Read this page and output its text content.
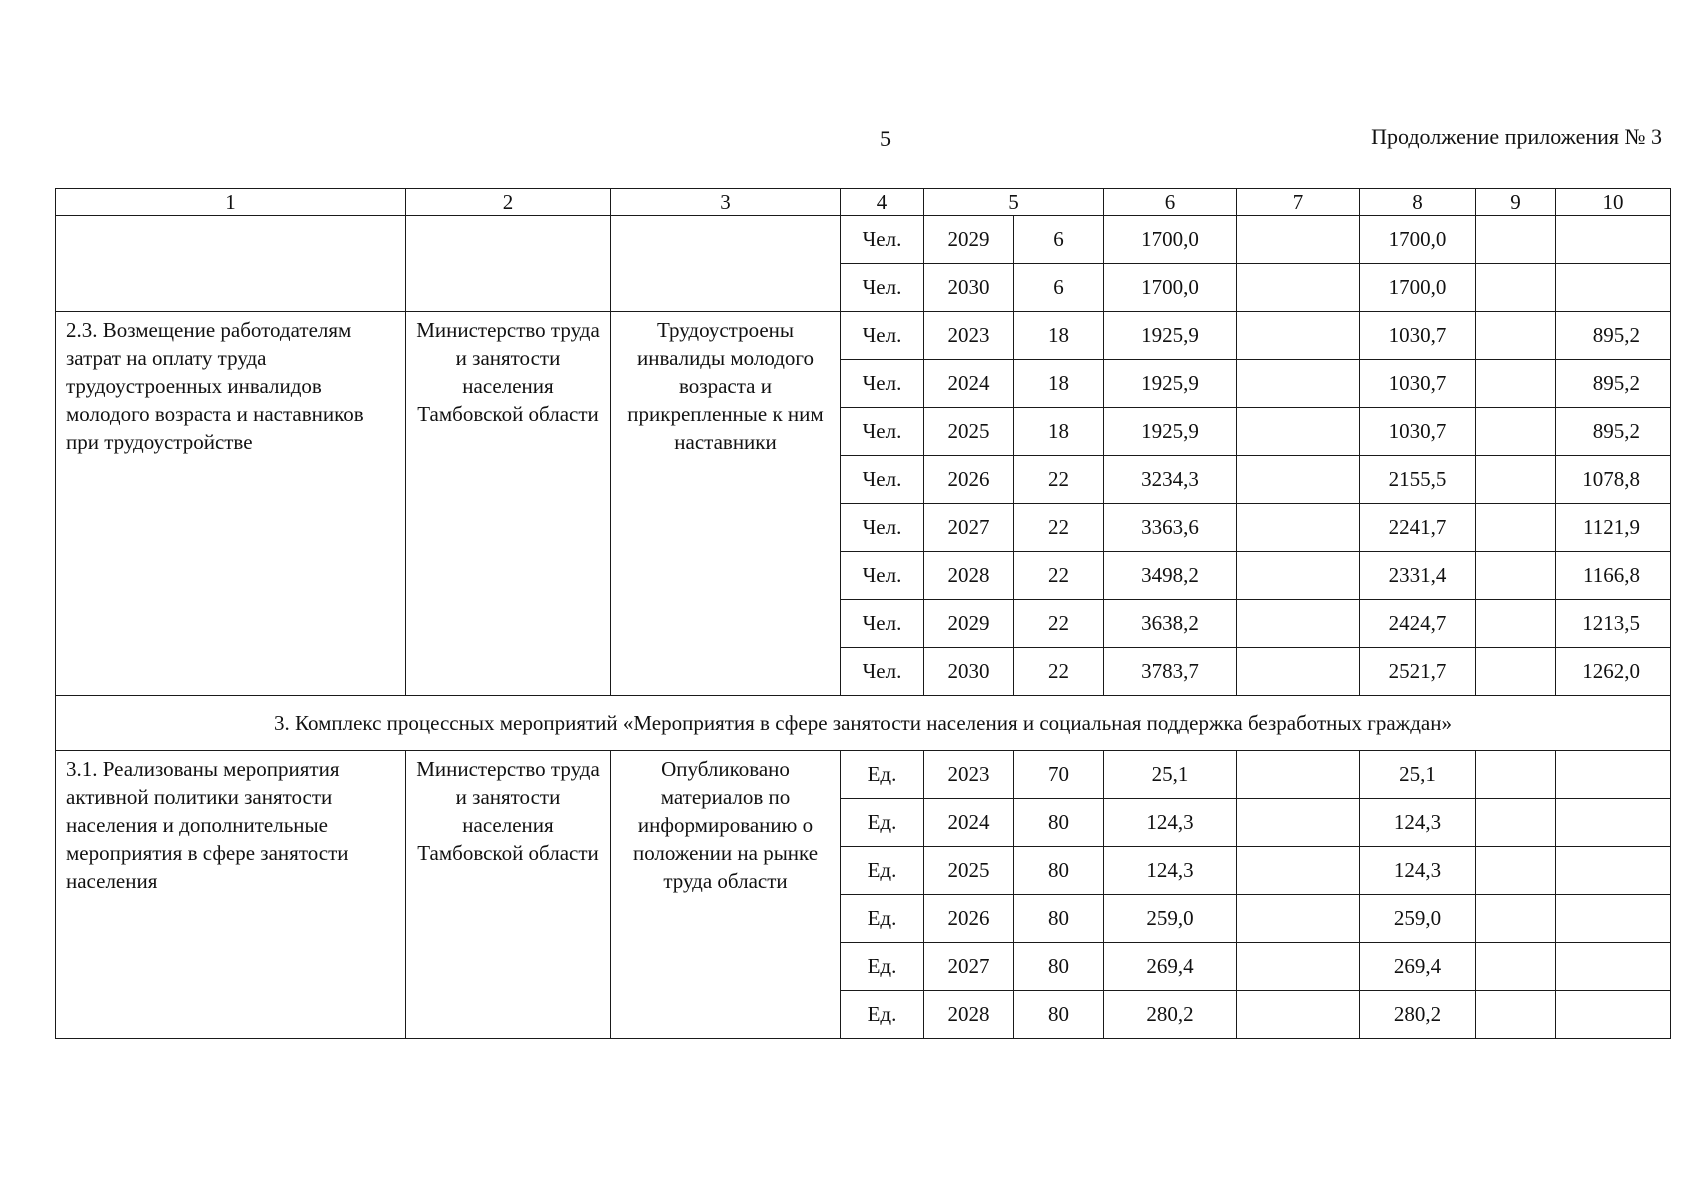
5	Продолжение приложения № 3
1	2	3	4	5		6	7	8	9	10
			Чел.	2029	6	1700,0		1700,0		
			Чел.	2030	6	1700,0		1700,0		
2.3. Возмещение работодателям затрат на оплату труда трудоустроенных инвалидов молодого возраста и наставников при трудоустройстве	Министерство труда и занятости населения Тамбовской области	Трудоустроены инвалиды молодого возраста и прикрепленные к ним наставники	Чел.	2023	18	1925,9		1030,7		895,2
			Чел.	2024	18	1925,9		1030,7		895,2
			Чел.	2025	18	1925,9		1030,7		895,2
			Чел.	2026	22	3234,3		2155,5		1078,8
			Чел.	2027	22	3363,6		2241,7		1121,9
			Чел.	2028	22	3498,2		2331,4		1166,8
			Чел.	2029	22	3638,2		2424,7		1213,5
			Чел.	2030	22	3783,7		2521,7		1262,0
3. Комплекс процессных мероприятий «Мероприятия в сфере занятости населения и социальная поддержка безработных граждан»										
3.1. Реализованы мероприятия активной политики занятости населения и дополнительные мероприятия в сфере занятости населения	Министерство труда и занятости населения Тамбовской области	Опубликовано материалов по информированию о положении на рынке труда области	Ед.	2023	70	25,1		25,1		
			Ед.	2024	80	124,3		124,3		
			Ед.	2025	80	124,3		124,3		
			Ед.	2026	80	259,0		259,0		
			Ед.	2027	80	269,4		269,4		
			Ед.	2028	80	280,2		280,2		
